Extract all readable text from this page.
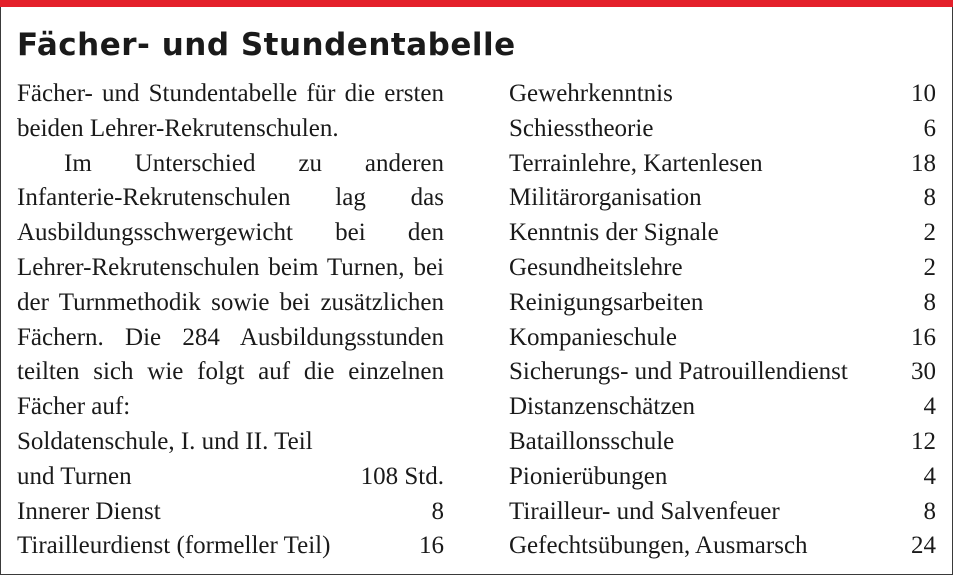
Fächer- und Stundentabelle

Fächer- und Stundentabelle für die ersten beiden Lehrer-Rekrutenschulen.

Im Unterschied zu anderen Infanterie-Rekrutenschulen lag das Ausbildungsschwergewicht bei den Lehrer-Rekrutenschulen beim Turnen, bei der Turnmethodik sowie bei zusätzlichen Fächern. Die 284 Ausbildungsstunden teilten sich wie folgt auf die einzelnen Fächer auf:

Soldatenschule, I. und II. Teil
und Turnen	108 Std.
Innerer Dienst	8
Tirailleurdienst (formeller Teil)	16
Gewehrkenntnis	10
Schiesstheorie	6
Terrainlehre, Kartenlesen	18
Militärorganisation	8
Kenntnis der Signale	2
Gesundheitslehre	2
Reinigungsarbeiten	8
Kompanieschule	16
Sicherungs- und Patrouillendienst	30
Distanzenschätzen	4
Bataillonsschule	12
Pionierübungen	4
Tirailleur- und Salvenfeuer	8
Gefechtsübungen, Ausmarsch	24
